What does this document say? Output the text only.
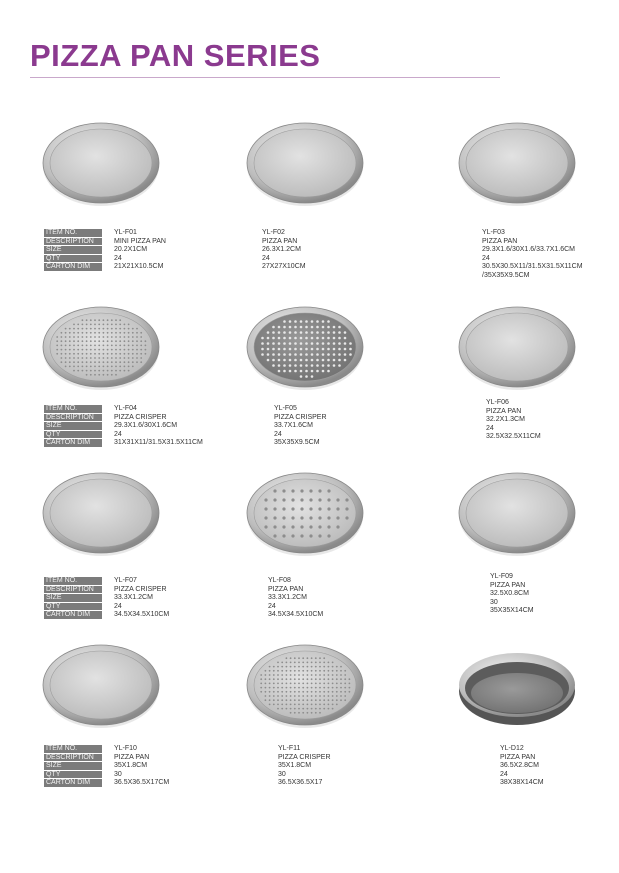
PIZZA PAN SERIES
ITEM NO.
DESCRIPTION
SIZE
QTY
CARTON DIM
YL-F01
MINI PIZZA PAN
20.2X1CM
24
21X21X10.5CM
YL-F02
PIZZA PAN
26.3X1.2CM
24
27X27X10CM
YL-F03
PIZZA PAN
29.3X1.6/30X1.6/33.7X1.6CM
24
30.5X30.5X11/31.5X31.5X11CM
/35X35X9.5CM
ITEM NO.
DESCRIPTION
SIZE
QTY
CARTON DIM
YL-F04
PIZZA CRISPER
29.3X1.6/30X1.6CM
24
31X31X11/31.5X31.5X11CM
YL-F05
PIZZA CRISPER
33.7X1.6CM
24
35X35X9.5CM
YL-F06
PIZZA PAN
32.2X1.3CM
24
32.5X32.5X11CM
ITEM NO.
DESCRIPTION
SIZE
QTY
CARTON DIM
YL-F07
PIZZA CRISPER
33.3X1.2CM
24
34.5X34.5X10CM
YL-F08
PIZZA PAN
33.3X1.2CM
24
34.5X34.5X10CM
YL-F09
PIZZA PAN
32.5X0.8CM
30
35X35X14CM
ITEM NO.
DESCRIPTION
SIZE
QTY
CARTON DIM
YL-F10
PIZZA PAN
35X1.8CM
30
36.5X36.5X17CM
YL-F11
PIZZA CRISPER
35X1.8CM
30
36.5X36.5X17
YL-D12
PIZZA PAN
36.5X2.8CM
24
38X38X14CM
